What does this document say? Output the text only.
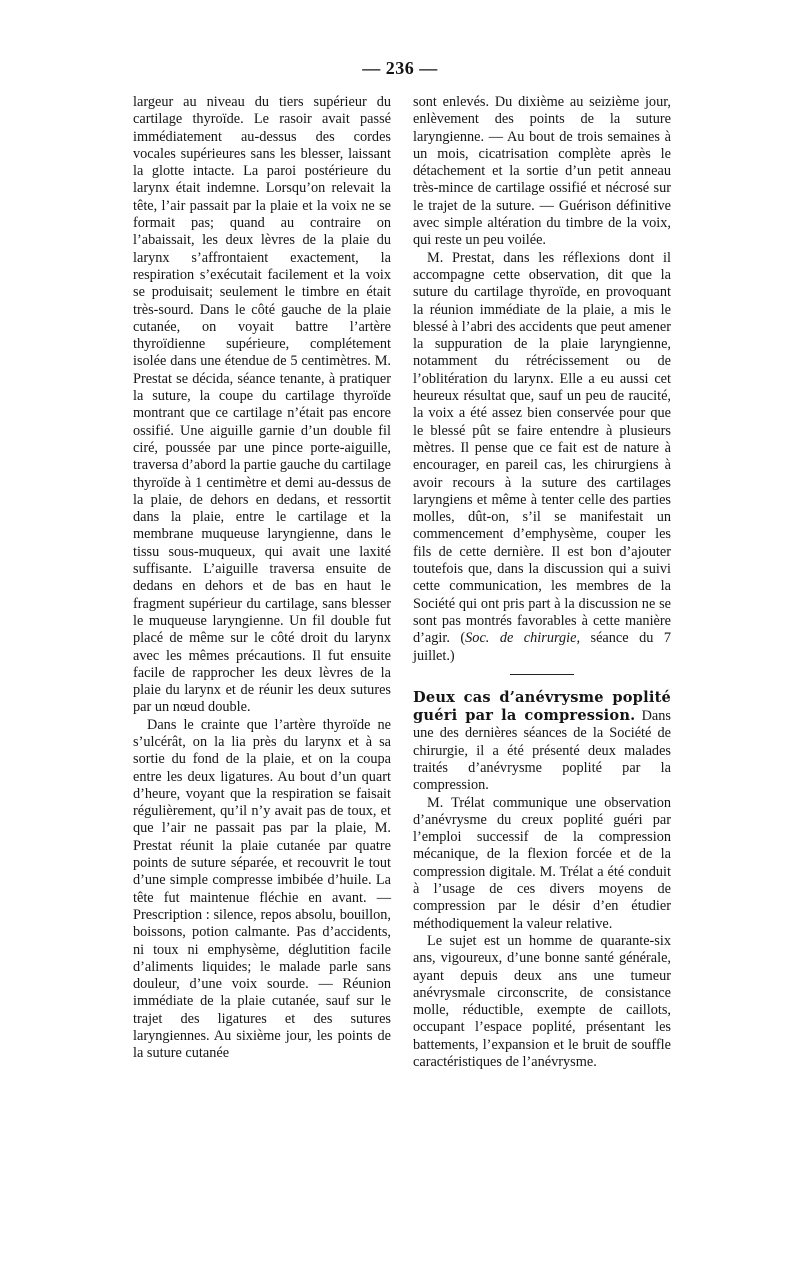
— 236 —

largeur au niveau du tiers supérieur du cartilage thyroïde. Le rasoir avait passé immédiatement au-dessus des cordes vocales supérieures sans les blesser, laissant la glotte intacte. La paroi postérieure du larynx était indemne. Lorsqu’on relevait la tête, l’air passait par la plaie et la voix ne se formait pas; quand au contraire on l’abaissait, les deux lèvres de la plaie du larynx s’affrontaient exactement, la respiration s’exécutait facilement et la voix se produisait; seulement le timbre en était très-sourd. Dans le côté gauche de la plaie cutanée, on voyait battre l’artère thyroïdienne supérieure, complétement isolée dans une étendue de 5 centimètres. M. Prestat se décida, séance tenante, à pratiquer la suture, la coupe du cartilage thyroïde montrant que ce cartilage n’était pas encore ossifié. Une aiguille garnie d’un double fil ciré, poussée par une pince porte-aiguille, traversa d’abord la partie gauche du cartilage thyroïde à 1 centimètre et demi au-dessus de la plaie, de dehors en dedans, et ressortit dans la plaie, entre le cartilage et la membrane muqueuse laryngienne, dans le tissu sous-muqueux, qui avait une laxité suffisante. L’aiguille traversa ensuite de dedans en dehors et de bas en haut le fragment supérieur du cartilage, sans blesser le muqueuse laryngienne. Un fil double fut placé de même sur le côté droit du larynx avec les mêmes précautions. Il fut ensuite facile de rapprocher les deux lèvres de la plaie du larynx et de réunir les deux sutures par un nœud double.

Dans le crainte que l’artère thyroïde ne s’ulcérât, on la lia près du larynx et à sa sortie du fond de la plaie, et on la coupa entre les deux ligatures. Au bout d’un quart d’heure, voyant que la respiration se faisait régulièrement, qu’il n’y avait pas de toux, et que l’air ne passait pas par la plaie, M. Prestat réunit la plaie cutanée par quatre points de suture séparée, et recouvrit le tout d’une simple compresse imbibée d’huile. La tête fut maintenue fléchie en avant. — Prescription : silence, repos absolu, bouillon, boissons, potion calmante. Pas d’accidents, ni toux ni emphysème, déglutition facile d’aliments liquides; le malade parle sans douleur, d’une voix sourde. — Réunion immédiate de la plaie cutanée, sauf sur le trajet des ligatures et des sutures laryngiennes. Au sixième jour, les points de la suture cutanée

sont enlevés. Du dixième au seizième jour, enlèvement des points de la suture laryngienne. — Au bout de trois semaines à un mois, cicatrisation complète après le détachement et la sortie d’un petit anneau très-mince de cartilage ossifié et nécrosé sur le trajet de la suture. — Guérison définitive avec simple altération du timbre de la voix, qui reste un peu voilée.

M. Prestat, dans les réflexions dont il accompagne cette observation, dit que la suture du cartilage thyroïde, en provoquant la réunion immédiate de la plaie, a mis le blessé à l’abri des accidents que peut amener la suppuration de la plaie laryngienne, notamment du rétrécissement ou de l’oblitération du larynx. Elle a eu aussi cet heureux résultat que, sauf un peu de raucité, la voix a été assez bien conservée pour que le blessé pût se faire entendre à plusieurs mètres. Il pense que ce fait est de nature à encourager, en pareil cas, les chirurgiens à avoir recours à la suture des cartilages laryngiens et même à tenter celle des parties molles, dût-on, s’il se manifestait un commencement d’emphysème, couper les fils de cette dernière. Il est bon d’ajouter toutefois que, dans la discussion qui a suivi cette communication, les membres de la Société qui ont pris part à la discussion ne se sont pas montrés favorables à cette manière d’agir. (Soc. de chirurgie, séance du 7 juillet.)

Deux cas d’anévrysme poplité guéri par la compression. Dans une des dernières séances de la Société de chirurgie, il a été présenté deux malades traités d’anévrysme poplité par la compression.

M. Trélat communique une observation d’anévrysme du creux poplité guéri par l’emploi successif de la compression mécanique, de la flexion forcée et de la compression digitale. M. Trélat a été conduit à l’usage de ces divers moyens de compression par le désir d’en étudier méthodiquement la valeur relative.

Le sujet est un homme de quarante-six ans, vigoureux, d’une bonne santé générale, ayant depuis deux ans une tumeur anévrysmale circonscrite, de consistance molle, réductible, exempte de caillots, occupant l’espace poplité, présentant les battements, l’expansion et le bruit de souffle caractéristiques de l’anévrysme.
